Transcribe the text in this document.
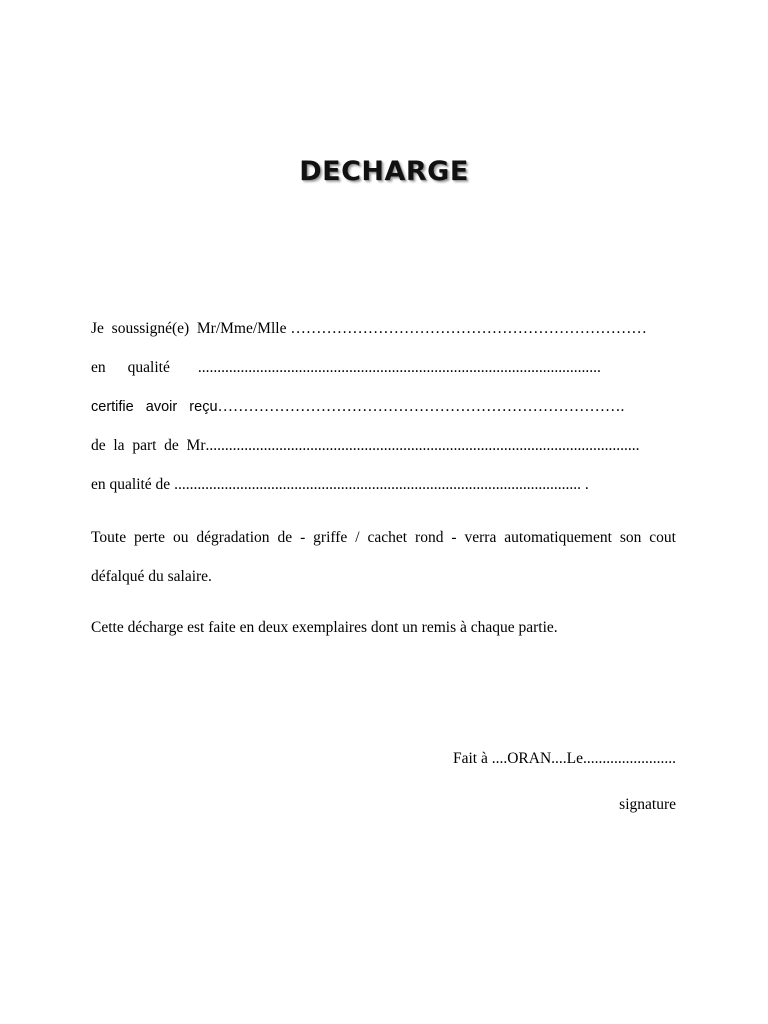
DECHARGE
Je  soussigné(e)  Mr/Mme/Mlle
……………………………………………………………
en qualité ........................................................................................................
certifie   avoir   reçu …………………………………………………………………….
de  la  part  de  Mr ................................................................................................................
en qualité de
......................................................................................................... .
Toute perte ou dégradation de - griffe / cachet rond - verra automatiquement son cout défalqué du salaire.
Cette décharge est faite en deux exemplaires dont un remis à chaque partie.
Fait à ....ORAN....Le........................
signature
